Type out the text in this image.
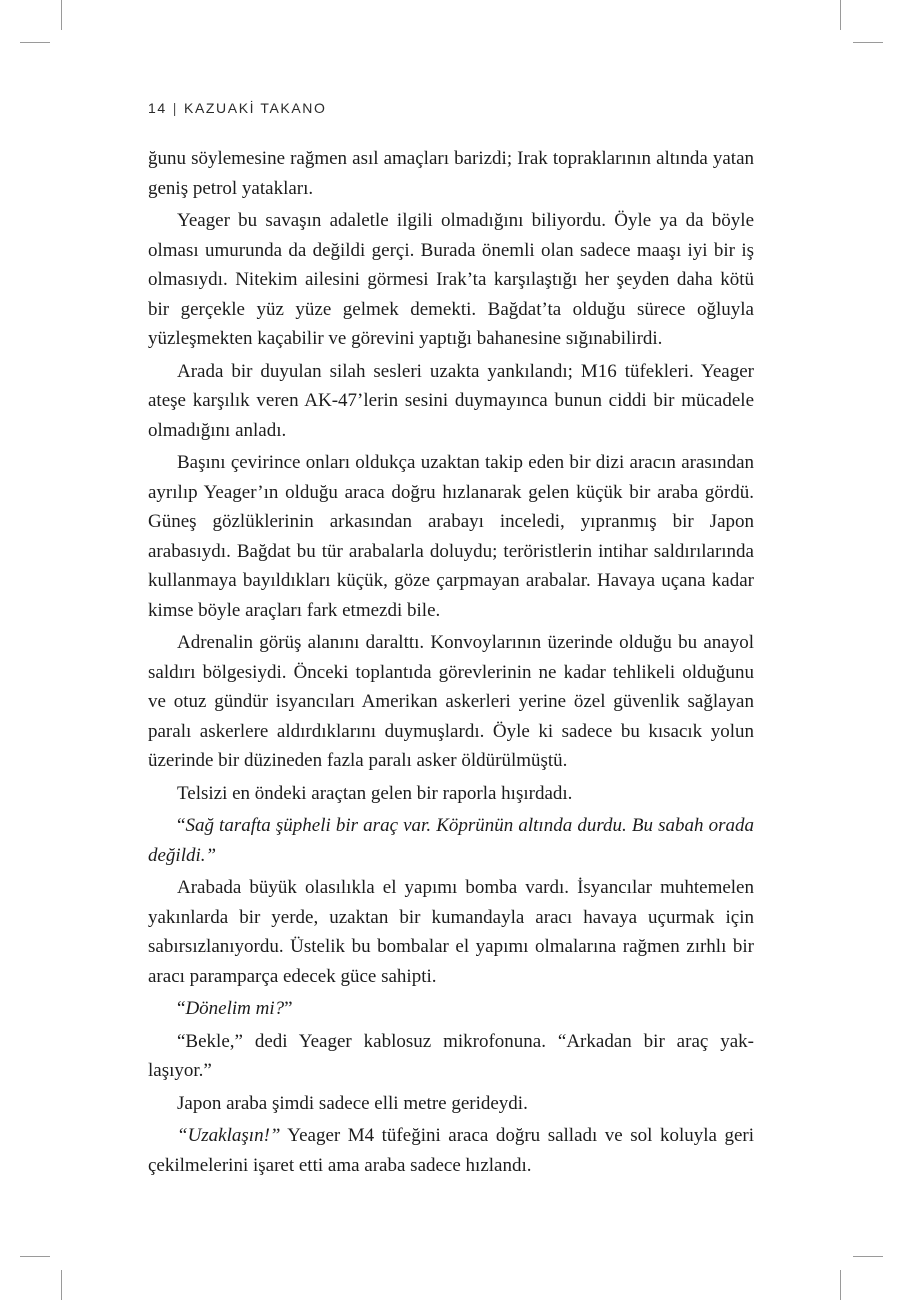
14 | KAZUAKİ TAKANO

ğunu söylemesine rağmen asıl amaçları barizdi; Irak topraklarının altında yatan geniş petrol yatakları.

Yeager bu savaşın adaletle ilgili olmadığını biliyordu. Öyle ya da böyle olması umurunda da değildi gerçi. Burada önemli olan sadece maaşı iyi bir iş olmasıydı. Nitekim ailesini görmesi Irak’ta karşılaştığı her şeyden daha kötü bir gerçekle yüz yüze gelmek demekti. Bağdat’ta olduğu sürece oğluyla yüzleşmekten kaçabilir ve görevini yaptığı bahanesine sığınabilirdi.

Arada bir duyulan silah sesleri uzakta yankılandı; M16 tüfekleri. Yeager ateşe karşılık veren AK-47’lerin sesini duymayınca bunun ciddi bir mücadele olmadığını anladı.

Başını çevirince onları oldukça uzaktan takip eden bir dizi aracın arasından ayrılıp Yeager’ın olduğu araca doğru hızlanarak gelen küçük bir araba gördü. Güneş gözlüklerinin arkasından arabayı inceledi, yıpranmış bir Japon arabasıydı. Bağdat bu tür arabalarla doluydu; teröristlerin intihar saldırılarında kullanmaya bayıldıkları küçük, göze çarpmayan arabalar. Havaya uçana kadar kimse böyle araçları fark etmezdi bile.

Adrenalin görüş alanını daralttı. Konvoylarının üzerinde olduğu bu anayol saldırı bölgesiydi. Önceki toplantıda görevlerinin ne kadar tehlikeli olduğunu ve otuz gündür isyancıları Amerikan askerleri yerine özel güvenlik sağlayan paralı askerlere aldırdıklarını duymuşlardı. Öyle ki sadece bu kısacık yolun üzerinde bir düzineden fazla paralı asker öldürülmüştü.

Telsizi en öndeki araçtan gelen bir raporla hışırdadı.

“Sağ tarafta şüpheli bir araç var. Köprünün altında durdu. Bu sabah orada değildi.”

Arabada büyük olasılıkla el yapımı bomba vardı. İsyancılar muhtemelen yakınlarda bir yerde, uzaktan bir kumandayla aracı havaya uçurmak için sabırsızlanıyordu. Üstelik bu bombalar el yapımı olmalarına rağmen zırhlı bir aracı paramparça edecek güce sahipti.

“Dönelim mi?”

“Bekle,” dedi Yeager kablosuz mikrofonuna. “Arkadan bir araç yaklaşıyor.”

Japon araba şimdi sadece elli metre gerideydi.

“Uzaklaşın!” Yeager M4 tüfeğini araca doğru salladı ve sol koluyla geri çekilmelerini işaret etti ama araba sadece hızlandı.
